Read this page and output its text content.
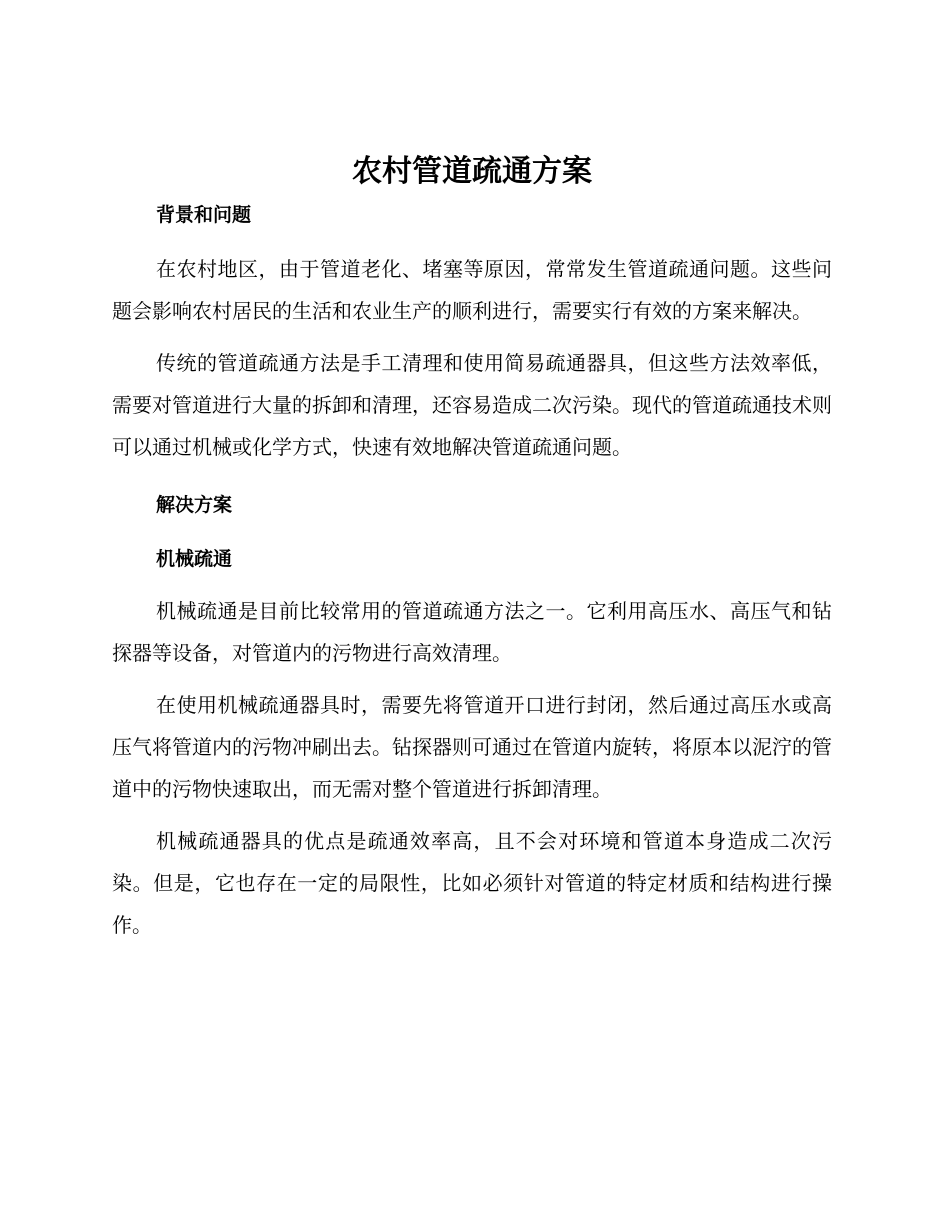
农村管道疏通方案
背景和问题

在农村地区，由于管道老化、堵塞等原因，常常发生管道疏通问题。这些问题会影响农村居民的生活和农业生产的顺利进行，需要实行有效的方案来解决。

传统的管道疏通方法是手工清理和使用简易疏通器具，但这些方法效率低，需要对管道进行大量的拆卸和清理，还容易造成二次污染。现代的管道疏通技术则可以通过机械或化学方式，快速有效地解决管道疏通问题。

解决方案
机械疏通

机械疏通是目前比较常用的管道疏通方法之一。它利用高压水、高压气和钻探器等设备，对管道内的污物进行高效清理。

在使用机械疏通器具时，需要先将管道开口进行封闭，然后通过高压水或高压气将管道内的污物冲刷出去。钻探器则可通过在管道内旋转，将原本以泥泞的管道中的污物快速取出，而无需对整个管道进行拆卸清理。

机械疏通器具的优点是疏通效率高，且不会对环境和管道本身造成二次污染。但是，它也存在一定的局限性，比如必须针对管道的特定材质和结构进行操作。
